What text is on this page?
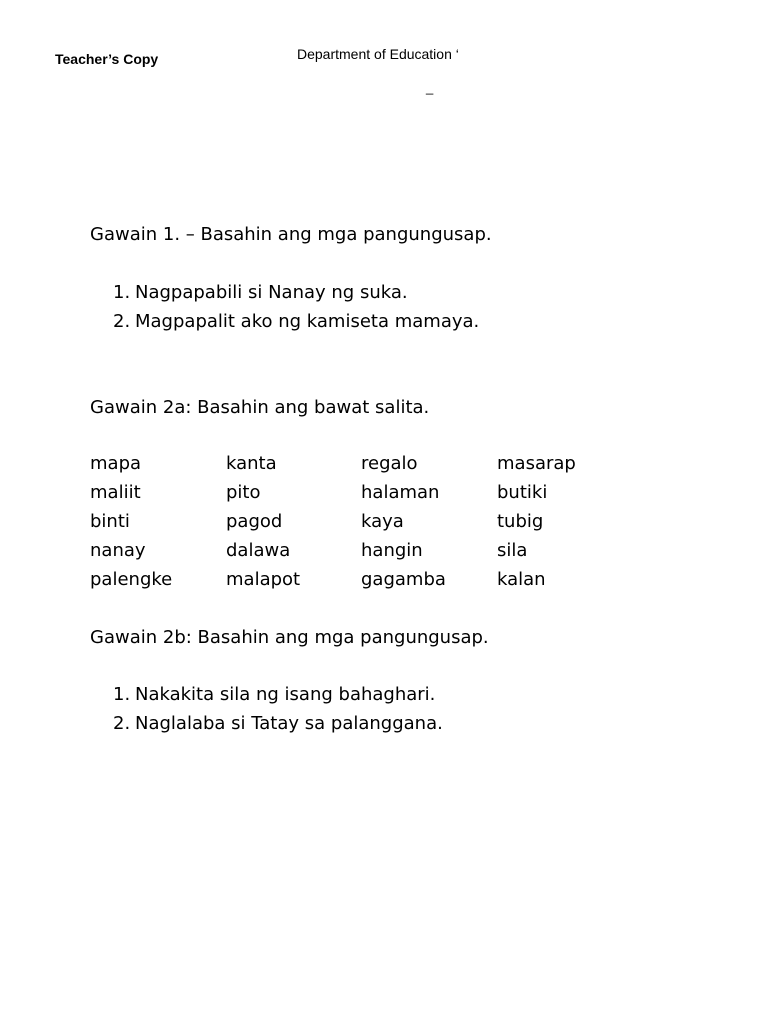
Teacher’s Copy	Department of Education ‘
_
Gawain 1. – Basahin ang mga pangungusap.
1. Nagpapabili si Nanay ng suka.
2. Magpapalit ako ng kamiseta mamaya.
Gawain 2a: Basahin ang bawat salita.
mapa	kanta	regalo	masarap
maliit	pito	halaman	butiki
binti	pagod	kaya	tubig
nanay	dalawa	hangin	sila
palengke	malapot	gagamba	kalan
Gawain 2b: Basahin ang mga pangungusap.
1. Nakakita sila ng isang bahaghari.
2. Naglalaba si Tatay sa palanggana.
